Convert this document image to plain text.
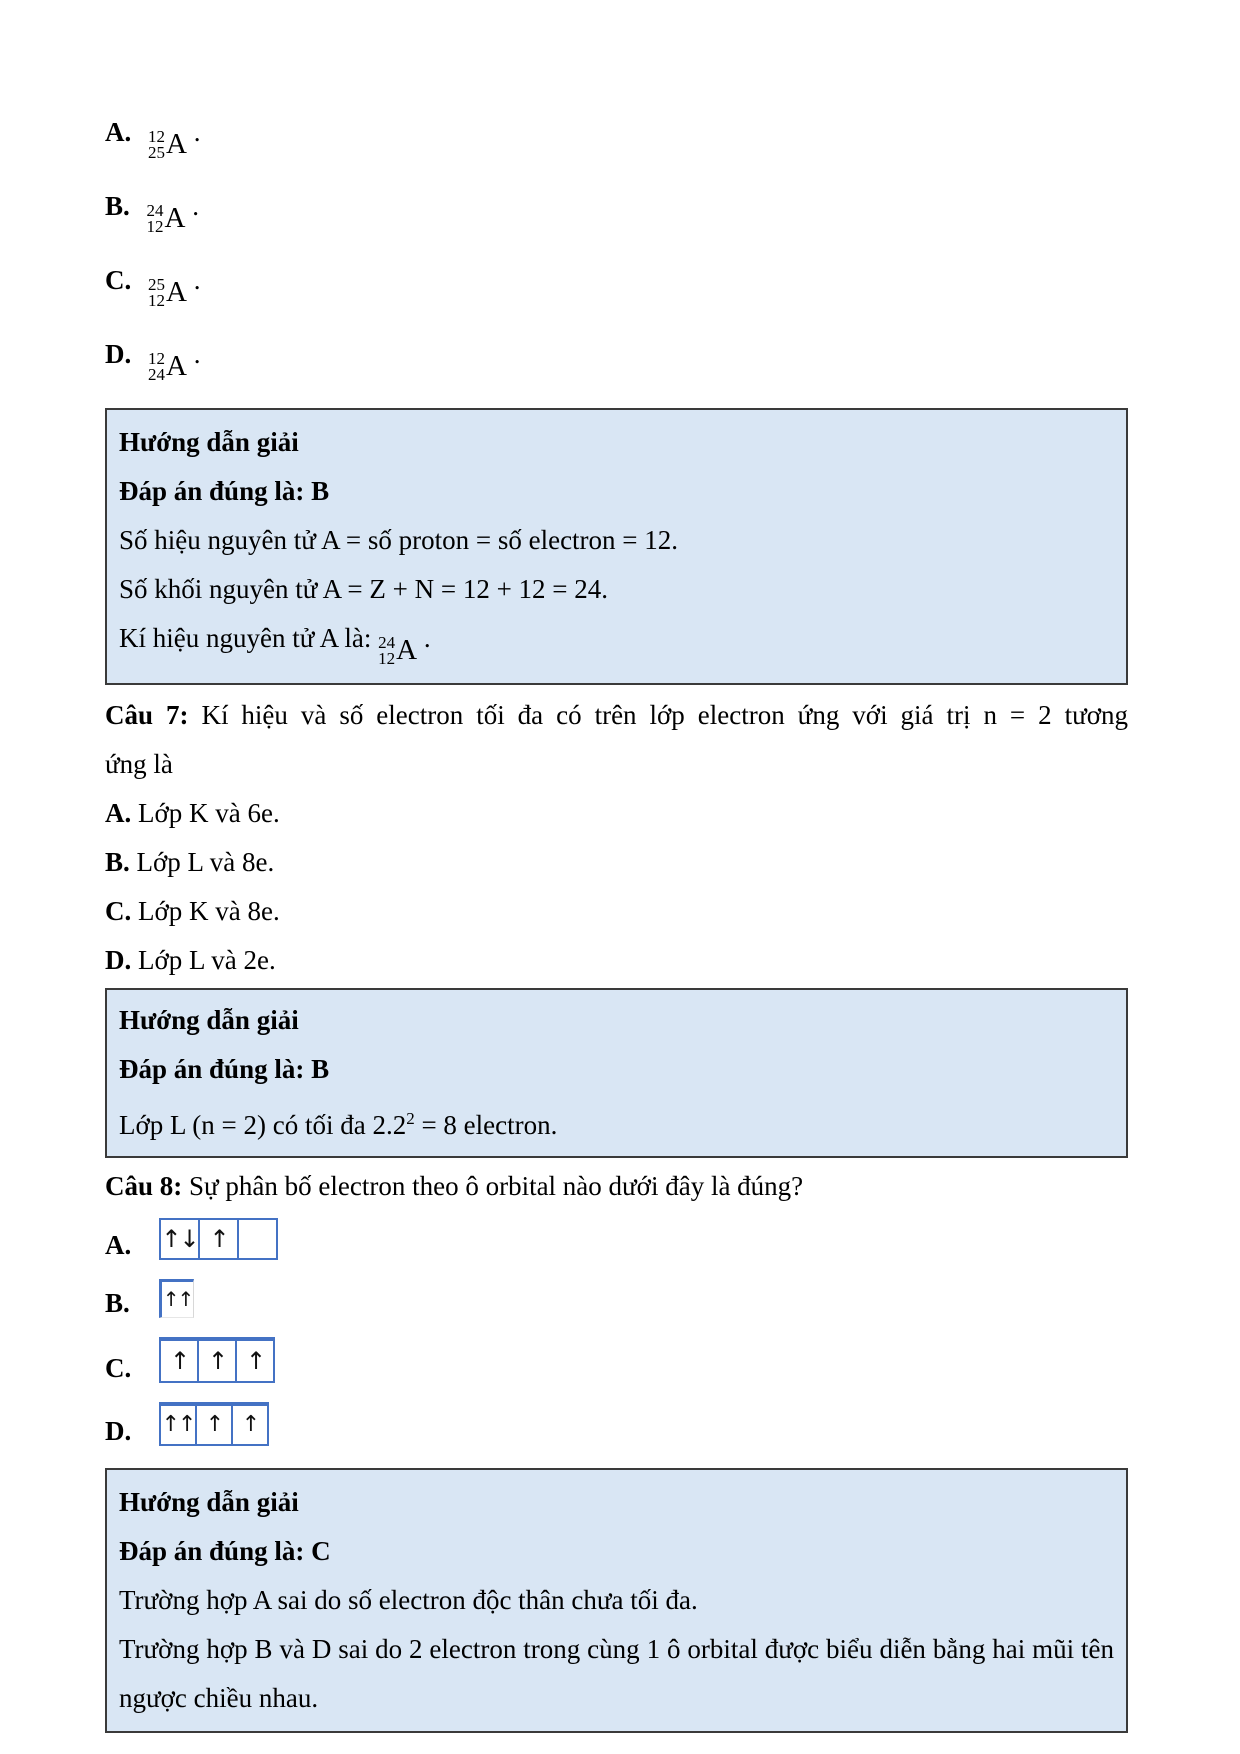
A. 12
25 A .
B. 24
12 A .
C. 25
12 A .
D. 12
24 A .
Hướng dẫn giải
Đáp án đúng là: B
Số hiệu nguyên tử A = số proton = số electron = 12.
Số khối nguyên tử A = Z + N = 12 + 12 = 24.
Kí hiệu nguyên tử A là: 24
12 A .
Câu 7: Kí hiệu và số electron tối đa có trên lớp electron ứng với giá trị n = 2 tương
ứng là
A. Lớp K và 6e.
B. Lớp L và 8e.
C. Lớp K và 8e.
D. Lớp L và 2e.
Hướng dẫn giải
Đáp án đúng là: B
Lớp L (n = 2) có tối đa $2.2^2 = 8$ electron.
Câu 8: Sự phân bố electron theo ô orbital nào dưới đây là đúng?
A.	↑↓ ↑
B.	↑↑
C.	↑ ↑ ↑
D.	↑↑ ↑ ↑
Hướng dẫn giải
Đáp án đúng là: C
Trường hợp A sai do số electron độc thân chưa tối đa.
Trường hợp B và D sai do 2 electron trong cùng 1 ô orbital được biểu diễn bằng hai mũi tên ngược chiều nhau.
